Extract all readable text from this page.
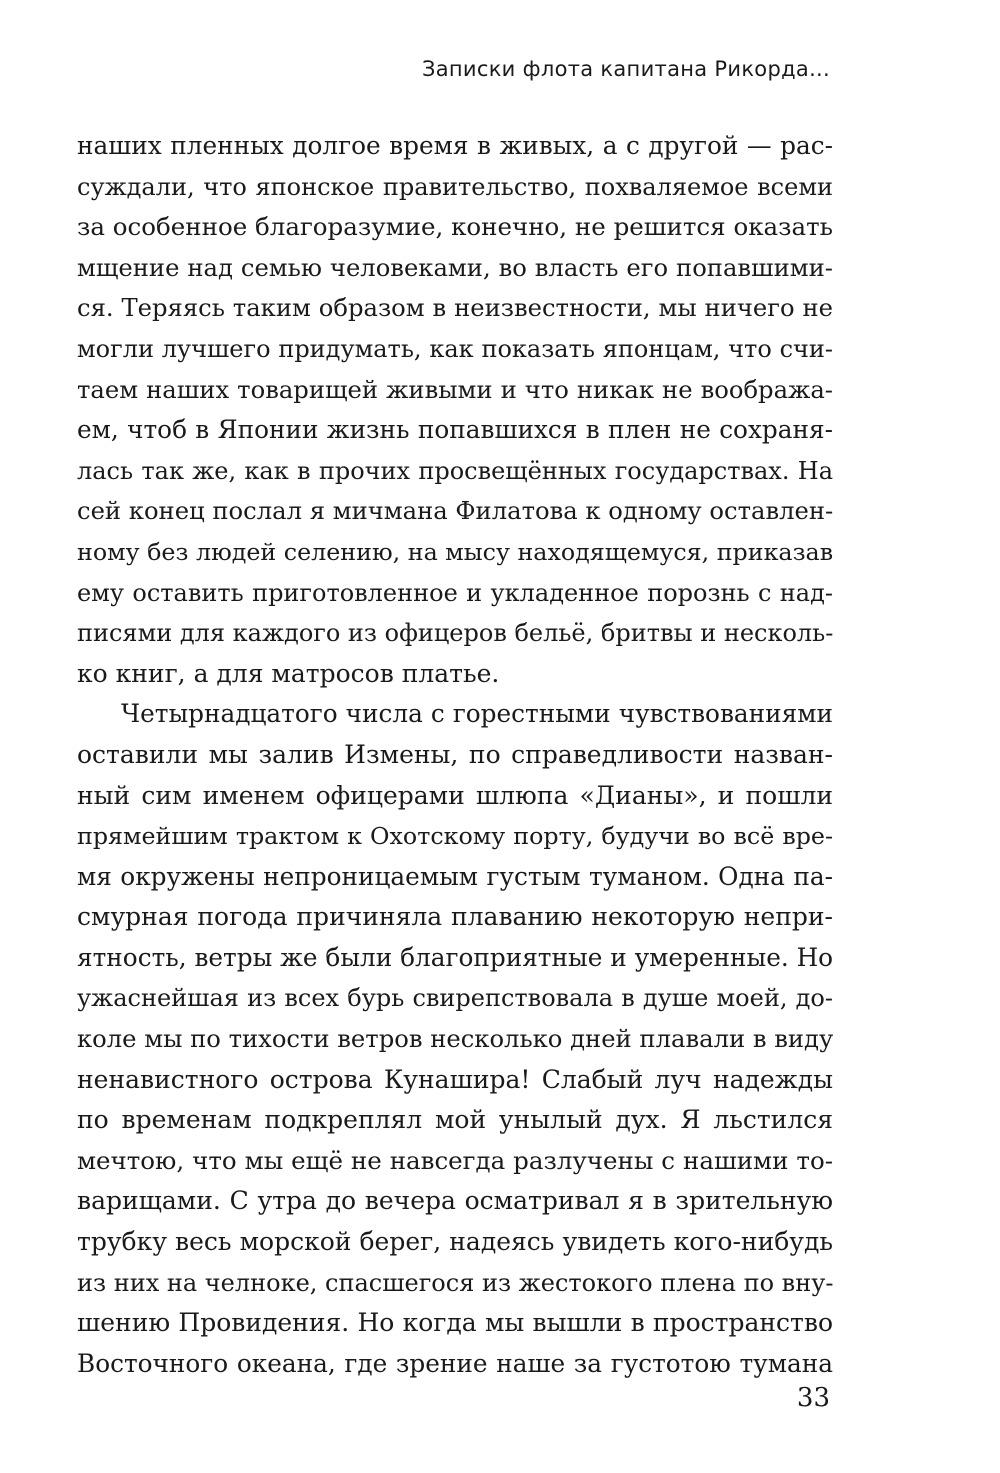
Записки флота капитана Рикорда...
наших пленных долгое время в живых, а с другой — рас-
суждали, что японское правительство, похваляемое всеми
за особенное благоразумие, конечно, не решится оказать
мщение над семью человеками, во власть его попавшими-
ся. Теряясь таким образом в неизвестности, мы ничего не
могли лучшего придумать, как показать японцам, что счи-
таем наших товарищей живыми и что никак не вообража-
ем, чтоб в Японии жизнь попавшихся в плен не сохраня-
лась так же, как в прочих просвещённых государствах. На
сей конец послал я мичмана Филатова к одному оставлен-
ному без людей селению, на мысу находящемуся, приказав
ему оставить приготовленное и укладенное порознь с над-
писями для каждого из офицеров бельё, бритвы и несколь-
ко книг, а для матросов платье.
Четырнадцатого числа с горестными чувствованиями
оставили мы залив Измены, по справедливости назван-
ный сим именем офицерами шлюпа «Дианы», и пошли
прямейшим трактом к Охотскому порту, будучи во всё вре-
мя окружены непроницаемым густым туманом. Одна па-
смурная погода причиняла плаванию некоторую непри-
ятность, ветры же были благоприятные и умеренные. Но
ужаснейшая из всех бурь свирепствовала в душе моей, до-
коле мы по тихости ветров несколько дней плавали в виду
ненавистного острова Кунашира! Слабый луч надежды
по временам подкреплял мой унылый дух. Я льстился
мечтою, что мы ещё не навсегда разлучены с нашими то-
варищами. С утра до вечера осматривал я в зрительную
трубку весь морской берег, надеясь увидеть кого-нибудь
из них на челноке, спасшегося из жестокого плена по вну-
шению Провидения. Но когда мы вышли в пространство
Восточного океана, где зрение наше за густотою тумана
33
